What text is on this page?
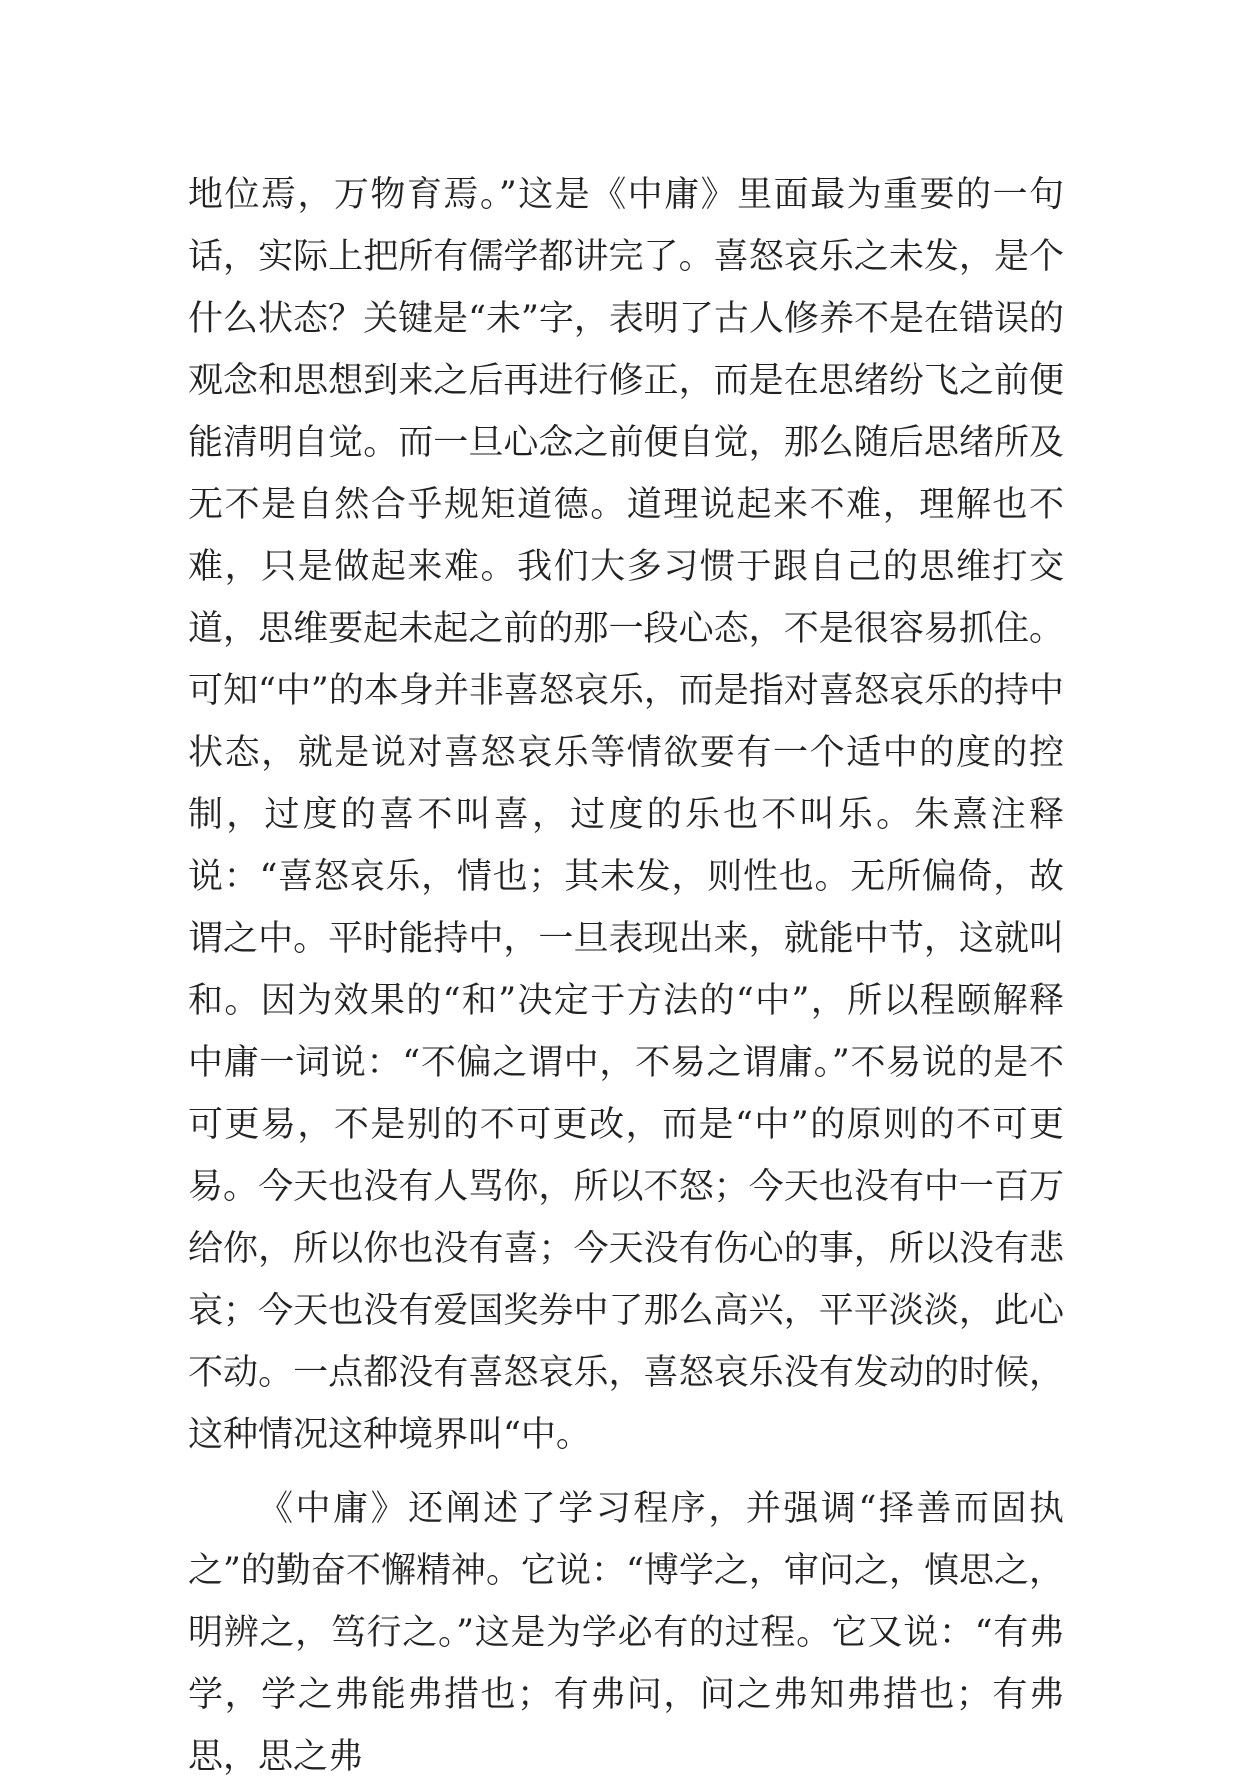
地位焉，万物育焉。”这是《中庸》里面最为重要的一句话，实际上把所有儒学都讲完了。喜怒哀乐之未发，是个什么状态？关键是“未”字，表明了古人修养不是在错误的观念和思想到来之后再进行修正，而是在思绪纷飞之前便能清明自觉。而一旦心念之前便自觉，那么随后思绪所及无不是自然合乎规矩道德。道理说起来不难，理解也不难，只是做起来难。我们大多习惯于跟自己的思维打交道，思维要起未起之前的那一段心态，不是很容易抓住。可知“中”的本身并非喜怒哀乐，而是指对喜怒哀乐的持中状态，就是说对喜怒哀乐等情欲要有一个适中的度的控制，过度的喜不叫喜，过度的乐也不叫乐。朱熹注释说：“喜怒哀乐，情也；其未发，则性也。无所偏倚，故谓之中。平时能持中，一旦表现出来，就能中节，这就叫和。因为效果的“和”决定于方法的“中”，所以程颐解释中庸一词说：“不偏之谓中，不易之谓庸。”不易说的是不可更易，不是别的不可更改，而是“中”的原则的不可更易。今天也没有人骂你，所以不怒；今天也没有中一百万给你，所以你也没有喜；今天没有伤心的事，所以没有悲哀；今天也没有爱国奖券中了那么高兴，平平淡淡，此心不动。一点都没有喜怒哀乐，喜怒哀乐没有发动的时候，这种情况这种境界叫“中。

《中庸》还阐述了学习程序，并强调“择善而固执之”的勤奋不懈精神。它说：“博学之，审问之，慎思之，明辨之，笃行之。”这是为学必有的过程。它又说：“有弗学，学之弗能弗措也；有弗问，问之弗知弗措也；有弗思，思之弗
